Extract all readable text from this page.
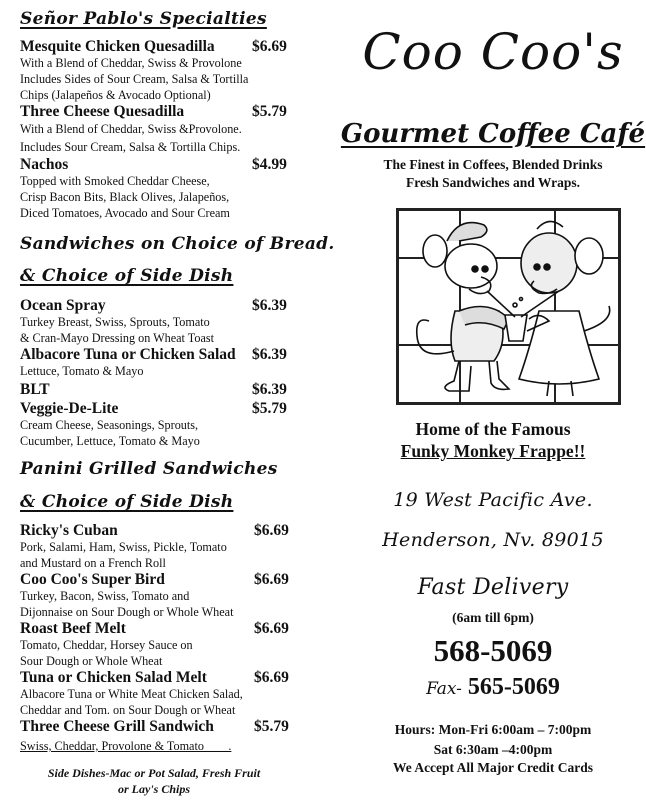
Señor Pablo's Specialties
Mesquite Chicken Quesadilla $6.69
With a Blend of Cheddar, Swiss & Provolone
Includes Sides of Sour Cream, Salsa & Tortilla
Chips (Jalapeños & Avocado Optional)
Three Cheese Quesadilla	$5.79
With a Blend of Cheddar, Swiss &Provolone.
Includes Sour Cream, Salsa & Tortilla Chips.
Nachos	$4.99
Topped with Smoked Cheddar Cheese,
Crisp Bacon Bits, Black Olives, Jalapeños,
Diced Tomatoes, Avocado and Sour Cream
Sandwiches on Choice of Bread.
& Choice of Side Dish
Ocean Spray	$6.39
Turkey Breast, Swiss, Sprouts, Tomato
& Cran-Mayo Dressing on Wheat Toast
Albacore Tuna or Chicken Salad $6.39
Lettuce, Tomato & Mayo
BLT	$6.39
Veggie-De-Lite	$5.79
Cream Cheese, Seasonings, Sprouts,
Cucumber, Lettuce, Tomato & Mayo
Panini Grilled Sandwiches
& Choice of Side Dish
Ricky's Cuban	$6.69
Pork, Salami, Ham, Swiss, Pickle, Tomato
and Mustard on a French Roll
Coo Coo's Super Bird	$6.69
Turkey, Bacon, Swiss, Tomato and
Dijonnaise on Sour Dough or Whole Wheat
Roast Beef Melt	$6.69
Tomato, Cheddar, Horsey Sauce on
Sour Dough or Whole Wheat
Tuna or Chicken Salad Melt	$6.69
Albacore Tuna or White Meat Chicken Salad,
Cheddar and Tom. on Sour Dough or Wheat
Three Cheese Grill Sandwich	$5.79
Swiss, Cheddar, Provolone & Tomato____.
Side Dishes-Mac or Pot Salad, Fresh Fruit
or Lay's Chips
Coo Coo's
Gourmet Coffee Café
The Finest in Coffees, Blended Drinks
Fresh Sandwiches and Wraps.
Home of the Famous
Funky Monkey Frappe!!
19 West Pacific Ave.
Henderson, Nv. 89015
Fast Delivery
(6am till 6pm)
568-5069
Fax- 565-5069
Hours: Mon-Fri 6:00am – 7:00pm
Sat 6:30am –4:00pm
We Accept All Major Credit Cards
